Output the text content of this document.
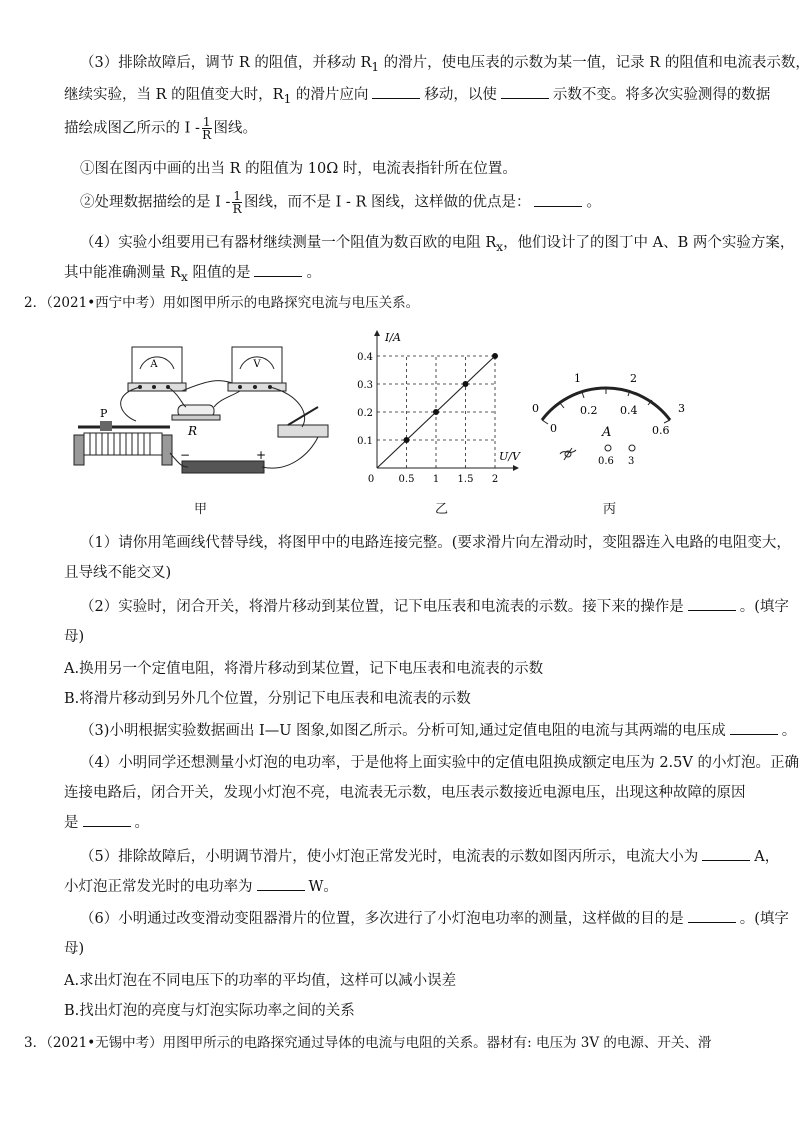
（3）排除故障后，调节 R 的阻值，并移动 $R_1$ 的滑片，使电压表的示数为某一值，记录 R 的阻值和电流表示数，
继续实验，当 R 的阻值变大时，$R_1$ 的滑片应向	移动，以使	示数不变。将多次实验测得的数据
描绘成图乙所示的 I - $\frac{1}{R}$ 图线。
①图在图丙中画的出当 R 的阻值为 10Ω 时，电流表指针所在位置。
②处理数据描绘的是 I - $\frac{1}{R}$ 图线，而不是 I - R 图线，这样做的优点是：	。
（4）实验小组要用已有器材继续测量一个阻值为数百欧的电阻 $R_x$，他们设计了的图丁中 A、B 两个实验方案，
其中能准确测量 $R_x$ 阻值的是	。
2．（2021•西宁中考）用如图甲所示的电路探究电流与电压关系。
A	V
R
P
−	+
0 0.5 1 1.5 2
0.1
0.2
0.3
0.4
I/A
U/V
0
1	2
3
0
0.2 0.4
0.6
A
0.6 3
甲	乙	丙
（1）请你用笔画线代替导线，将图甲中的电路连接完整。(要求滑片向左滑动时，变阻器连入电路的电阻变大，
且导线不能交叉)
（2）实验时，闭合开关，将滑片移动到某位置，记下电压表和电流表的示数。接下来的操作是	。(填字
母)
A.换用另一个定值电阻，将滑片移动到某位置，记下电压表和电流表的示数
B.将滑片移动到另外几个位置，分别记下电压表和电流表的示数
（3)小明根据实验数据画出 I—U 图象,如图乙所示。分析可知,通过定值电阻的电流与其两端的电压成	。
（4）小明同学还想测量小灯泡的电功率，于是他将上面实验中的定值电阻换成额定电压为 2.5V 的小灯泡。正确
连接电路后，闭合开关，发现小灯泡不亮，电流表无示数，电压表示数接近电源电压，出现这种故障的原因
是	。
（5）排除故障后，小明调节滑片，使小灯泡正常发光时，电流表的示数如图丙所示，电流大小为	A，
小灯泡正常发光时的电功率为	W。
（6）小明通过改变滑动变阻器滑片的位置，多次进行了小灯泡电功率的测量，这样做的目的是	。(填字
母)
A.求出灯泡在不同电压下的功率的平均值，这样可以减小误差
B.找出灯泡的亮度与灯泡实际功率之间的关系
3．（2021•无锡中考）用图甲所示的电路探究通过导体的电流与电阻的关系。器材有: 电压为 3V 的电源、开关、滑
